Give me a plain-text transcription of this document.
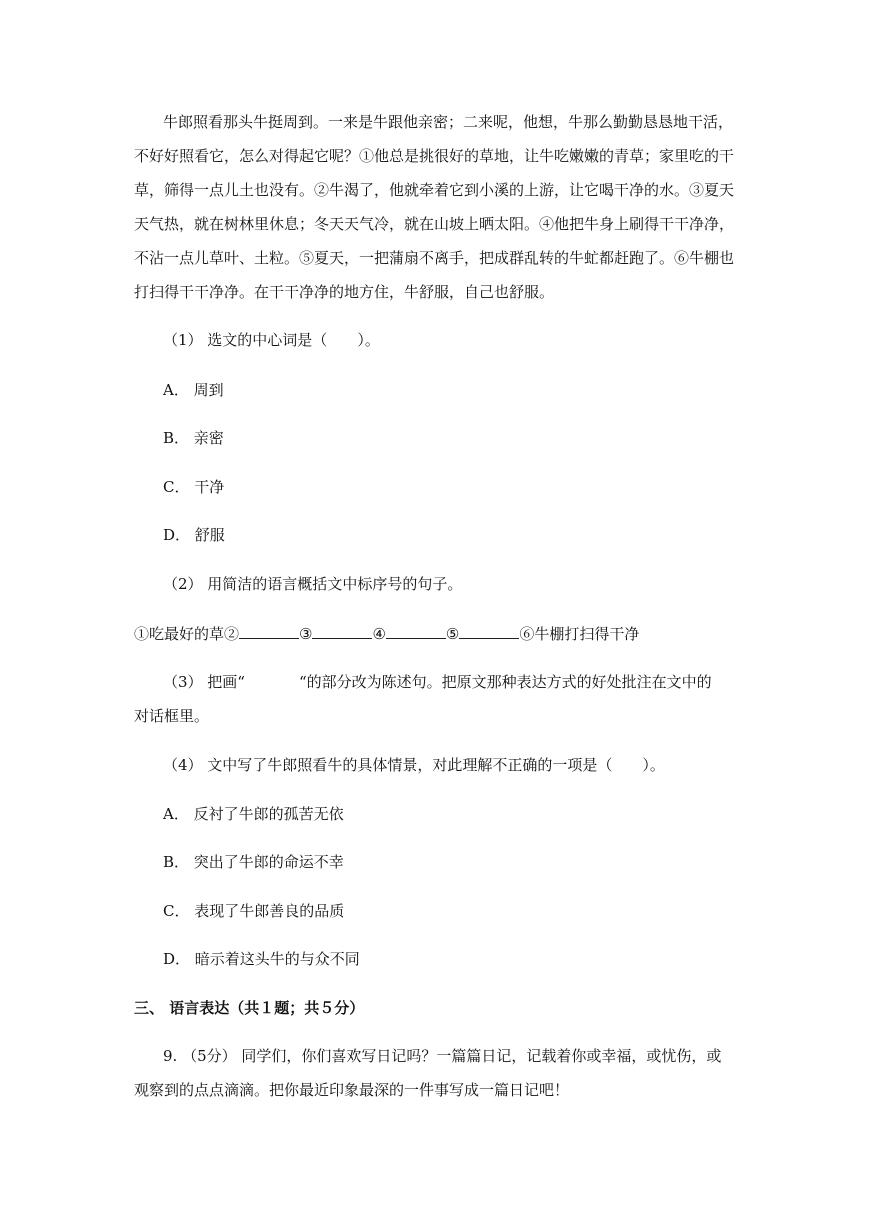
牛郎照看那头牛挺周到。一来是牛跟他亲密；二来呢，他想，牛那么勤勤恳恳地干活，
不好好照看它，怎么对得起它呢？①他总是挑很好的草地，让牛吃嫩嫩的青草；家里吃的干
草，筛得一点儿土也没有。②牛渴了，他就牵着它到小溪的上游，让它喝干净的水。③夏天
天气热，就在树林里休息；冬天天气冷，就在山坡上晒太阳。④他把牛身上刷得干干净净，
不沾一点儿草叶、土粒。⑤夏天，一把蒲扇不离手，把成群乱转的牛虻都赶跑了。⑥牛棚也
打扫得干干净净。在干干净净的地方住，牛舒服，自己也舒服。
（1） 选文的中心词是（　　）。
A． 周到
B． 亲密
C． 干净
D． 舒服
（2） 用简洁的语言概括文中标序号的句子。
①吃最好的草②	③	④	⑤	⑥牛棚打扫得干净
（3） 把画“	“的部分改为陈述句。把原文那种表达方式的好处批注在文中的
对话框里。
（4） 文中写了牛郎照看牛的具体情景，对此理解不正确的一项是（　　）。
A． 反衬了牛郎的孤苦无依
B． 突出了牛郎的命运不幸
C． 表现了牛郎善良的品质
D． 暗示着这头牛的与众不同
三、 语言表达（共１题；共５分）
9. （5分） 同学们，你们喜欢写日记吗？一篇篇日记，记载着你或幸福，或忧伤，或
观察到的点点滴滴。把你最近印象最深的一件事写成一篇日记吧！
